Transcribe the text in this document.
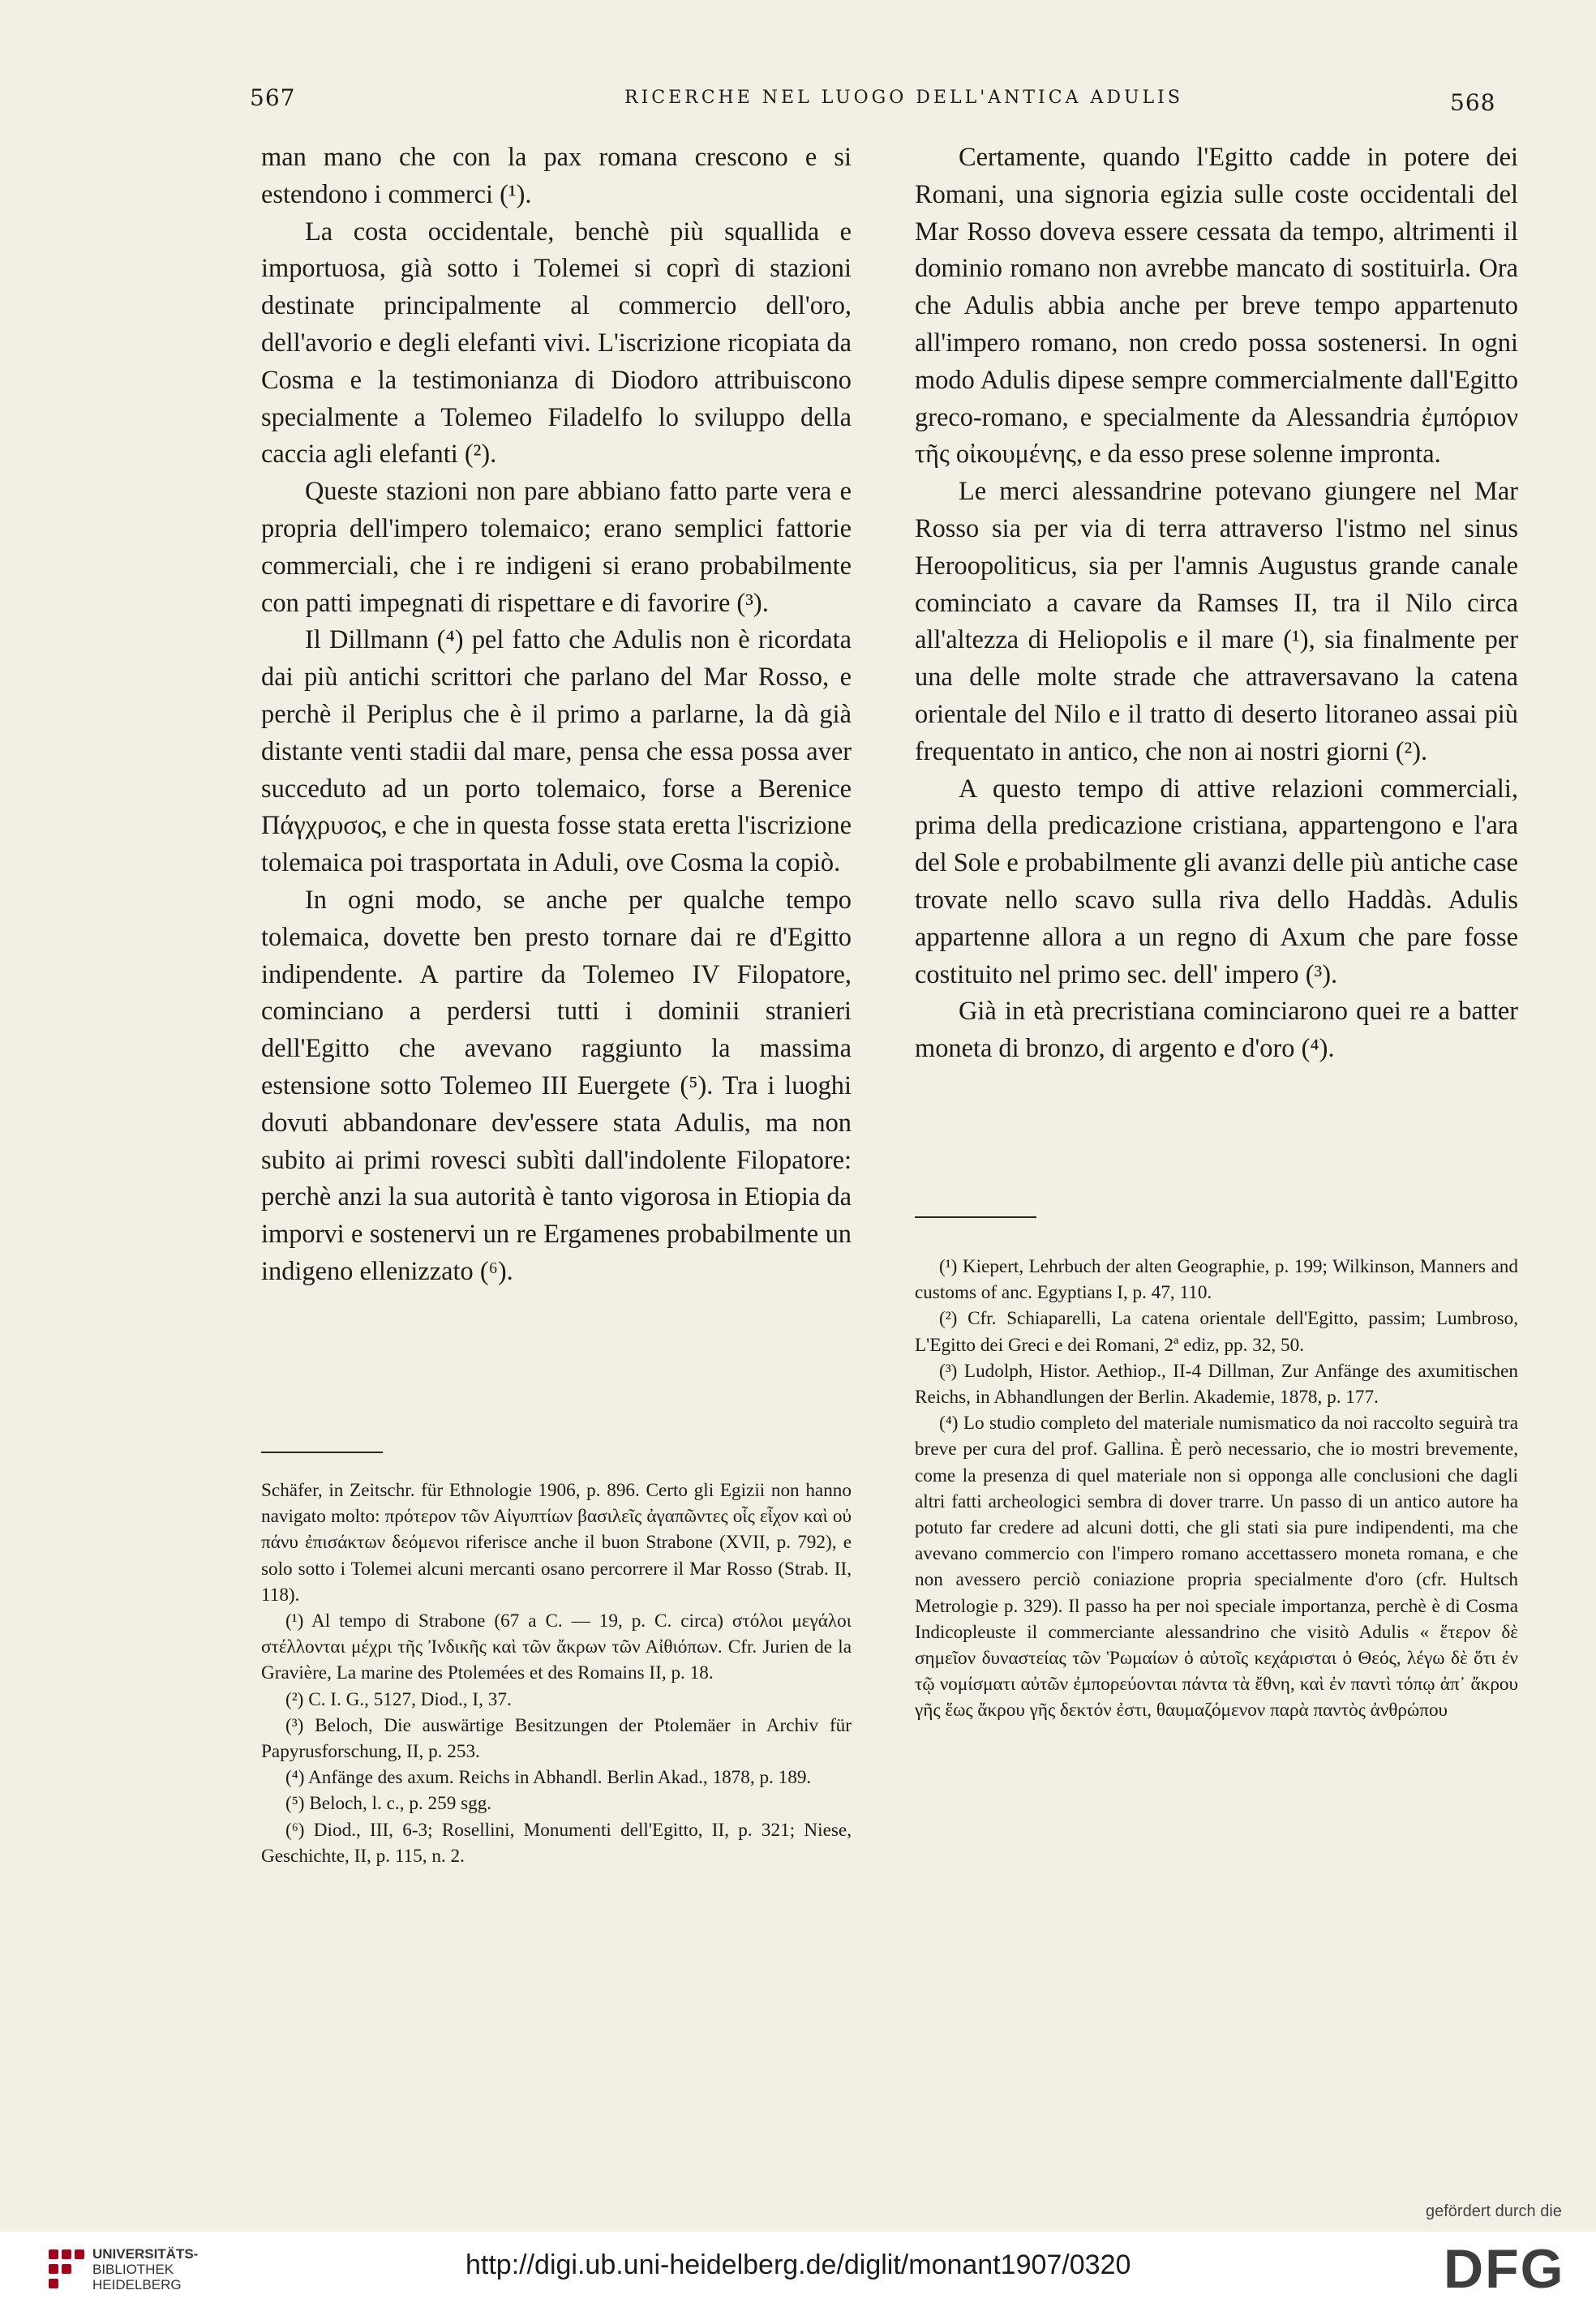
567	RICERCHE NEL LUOGO DELL'ANTICA ADULIS	568

man mano che con la pax romana crescono e si estendono i commerci (¹).

La costa occidentale, benchè più squallida e importuosa, già sotto i Tolemei si coprì di stazioni destinate principalmente al commercio dell'oro, dell'avorio e degli elefanti vivi. L'iscrizione ricopiata da Cosma e la testimonianza di Diodoro attribuiscono specialmente a Tolemeo Filadelfo lo sviluppo della caccia agli elefanti (²).

Queste stazioni non pare abbiano fatto parte vera e propria dell'impero tolemaico; erano semplici fattorie commerciali, che i re indigeni si erano probabilmente con patti impegnati di rispettare e di favorire (³).

Il Dillmann (⁴) pel fatto che Adulis non è ricordata dai più antichi scrittori che parlano del Mar Rosso, e perchè il Periplus che è il primo a parlarne, la dà già distante venti stadii dal mare, pensa che essa possa aver succeduto ad un porto tolemaico, forse a Berenice Πάγχρυσος, e che in questa fosse stata eretta l'iscrizione tolemaica poi trasportata in Aduli, ove Cosma la copiò.

In ogni modo, se anche per qualche tempo tolemaica, dovette ben presto tornare dai re d'Egitto indipendente. A partire da Tolemeo IV Filopatore, cominciano a perdersi tutti i dominii stranieri dell'Egitto che avevano raggiunto la massima estensione sotto Tolemeo III Euergete (⁵). Tra i luoghi dovuti abbandonare dev'essere stata Adulis, ma non subito ai primi rovesci subìti dall'indolente Filopatore: perchè anzi la sua autorità è tanto vigorosa in Etiopia da imporvi e sostenervi un re Ergamenes probabilmente un indigeno ellenizzato (⁶).

Schäfer, in Zeitschr. für Ethnologie 1906, p. 896. Certo gli Egizii non hanno navigato molto: πρότερον τῶν Αἰγυπτίων βασιλεῖς ἀγαπῶντες οἷς εἶχον καὶ οὐ πάνυ ἐπισάκτων δεόμενοι riferisce anche il buon Strabone (XVII, p. 792), e solo sotto i Tolemei alcuni mercanti osano percorrere il Mar Rosso (Strab. II, 118).

(¹) Al tempo di Strabone (67 a C. — 19, p. C. circa) στόλοι μεγάλοι στέλλονται μέχρι τῆς Ἰνδικῆς καὶ τῶν ἄκρων τῶν Αἰθιόπων. Cfr. Jurien de la Gravière, La marine des Ptolemées et des Romains II, p. 18.

(²) C. I. G., 5127, Diod., I, 37.

(³) Beloch, Die auswärtige Besitzungen der Ptolemäer in Archiv für Papyrusforschung, II, p. 253.

(⁴) Anfänge des axum. Reichs in Abhandl. Berlin Akad., 1878, p. 189.

(⁵) Beloch, l. c., p. 259 sgg.

(⁶) Diod., III, 6-3; Rosellini, Monumenti dell'Egitto, II, p. 321; Niese, Geschichte, II, p. 115, n. 2.

Certamente, quando l'Egitto cadde in potere dei Romani, una signoria egizia sulle coste occidentali del Mar Rosso doveva essere cessata da tempo, altrimenti il dominio romano non avrebbe mancato di sostituirla. Ora che Adulis abbia anche per breve tempo appartenuto all'impero romano, non credo possa sostenersi. In ogni modo Adulis dipese sempre commercialmente dall'Egitto greco-romano, e specialmente da Alessandria ἐμπόριον τῆς οἰκουμένης, e da esso prese solenne impronta.

Le merci alessandrine potevano giungere nel Mar Rosso sia per via di terra attraverso l'istmo nel sinus Heroopoliticus, sia per l'amnis Augustus grande canale cominciato a cavare da Ramses II, tra il Nilo circa all'altezza di Heliopolis e il mare (¹), sia finalmente per una delle molte strade che attraversavano la catena orientale del Nilo e il tratto di deserto litoraneo assai più frequentato in antico, che non ai nostri giorni (²).

A questo tempo di attive relazioni commerciali, prima della predicazione cristiana, appartengono e l'ara del Sole e probabilmente gli avanzi delle più antiche case trovate nello scavo sulla riva dello Haddàs. Adulis appartenne allora a un regno di Axum che pare fosse costituito nel primo sec. dell' impero (³).

Già in età precristiana cominciarono quei re a batter moneta di bronzo, di argento e d'oro (⁴).

(¹) Kiepert, Lehrbuch der alten Geographie, p. 199; Wilkinson, Manners and customs of anc. Egyptians I, p. 47, 110.

(²) Cfr. Schiaparelli, La catena orientale dell'Egitto, passim; Lumbroso, L'Egitto dei Greci e dei Romani, 2ª ediz, pp. 32, 50.

(³) Ludolph, Histor. Aethiop., II-4 Dillman, Zur Anfänge des axumitischen Reichs, in Abhandlungen der Berlin. Akademie, 1878, p. 177.

(⁴) Lo studio completo del materiale numismatico da noi raccolto seguirà tra breve per cura del prof. Gallina. È però necessario, che io mostri brevemente, come la presenza di quel materiale non si opponga alle conclusioni che dagli altri fatti archeologici sembra di dover trarre. Un passo di un antico autore ha potuto far credere ad alcuni dotti, che gli stati sia pure indipendenti, ma che avevano commercio con l'impero romano accettassero moneta romana, e che non avessero perciò coniazione propria specialmente d'oro (cfr. Hultsch Metrologie p. 329). Il passo ha per noi speciale importanza, perchè è di Cosma Indicopleuste il commerciante alessandrino che visitò Adulis « ἕτερον δὲ σημεῖον δυναστείας τῶν Ῥωμαίων ὁ αὐτοῖς κεχάρισται ὁ Θεός, λέγω δὲ ὅτι ἐν τῷ νομίσματι αὐτῶν ἐμπορεύονται πάντα τὰ ἔθνη, καὶ ἐν παντὶ τόπῳ ἀπ᾽ ἄκρου γῆς ἕως ἄκρου γῆς δεκτόν ἐστι, θαυμαζόμενον παρὰ παντὸς ἀνθρώπου

UNIVERSITÄTS-
BIBLIOTHEK
HEIDELBERG
http://digi.ub.uni-heidelberg.de/diglit/monant1907/0320
gefördert durch die
DFG
